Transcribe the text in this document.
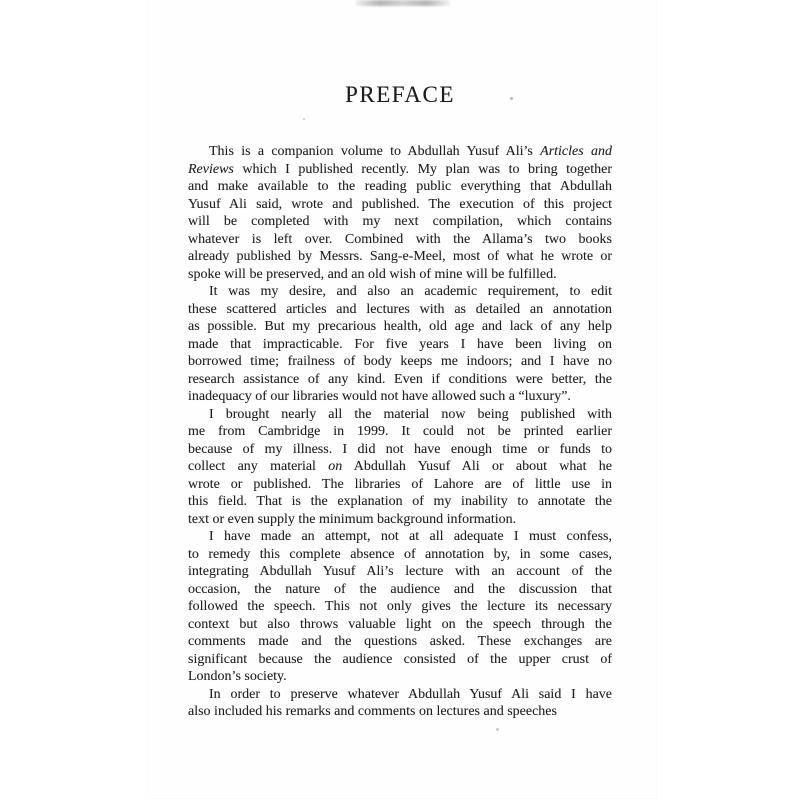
PREFACE
This is a companion volume to Abdullah Yusuf Ali’s Articles and
Reviews which I published recently. My plan was to bring together
and make available to the reading public everything that Abdullah
Yusuf Ali said, wrote and published. The execution of this project
will be completed with my next compilation, which contains
whatever is left over. Combined with the Allama’s two books
already published by Messrs. Sang-e-Meel, most of what he wrote or
spoke will be preserved, and an old wish of mine will be fulfilled.
It was my desire, and also an academic requirement, to edit
these scattered articles and lectures with as detailed an annotation
as possible. But my precarious health, old age and lack of any help
made that impracticable. For five years I have been living on
borrowed time; frailness of body keeps me indoors; and I have no
research assistance of any kind. Even if conditions were better, the
inadequacy of our libraries would not have allowed such a “luxury”.
I brought nearly all the material now being published with
me from Cambridge in 1999. It could not be printed earlier
because of my illness. I did not have enough time or funds to
collect any material on Abdullah Yusuf Ali or about what he
wrote or published. The libraries of Lahore are of little use in
this field. That is the explanation of my inability to annotate the
text or even supply the minimum background information.
I have made an attempt, not at all adequate I must confess,
to remedy this complete absence of annotation by, in some cases,
integrating Abdullah Yusuf Ali’s lecture with an account of the
occasion, the nature of the audience and the discussion that
followed the speech. This not only gives the lecture its necessary
context but also throws valuable light on the speech through the
comments made and the questions asked. These exchanges are
significant because the audience consisted of the upper crust of
London’s society.
In order to preserve whatever Abdullah Yusuf Ali said I have
also included his remarks and comments on lectures and speeches
